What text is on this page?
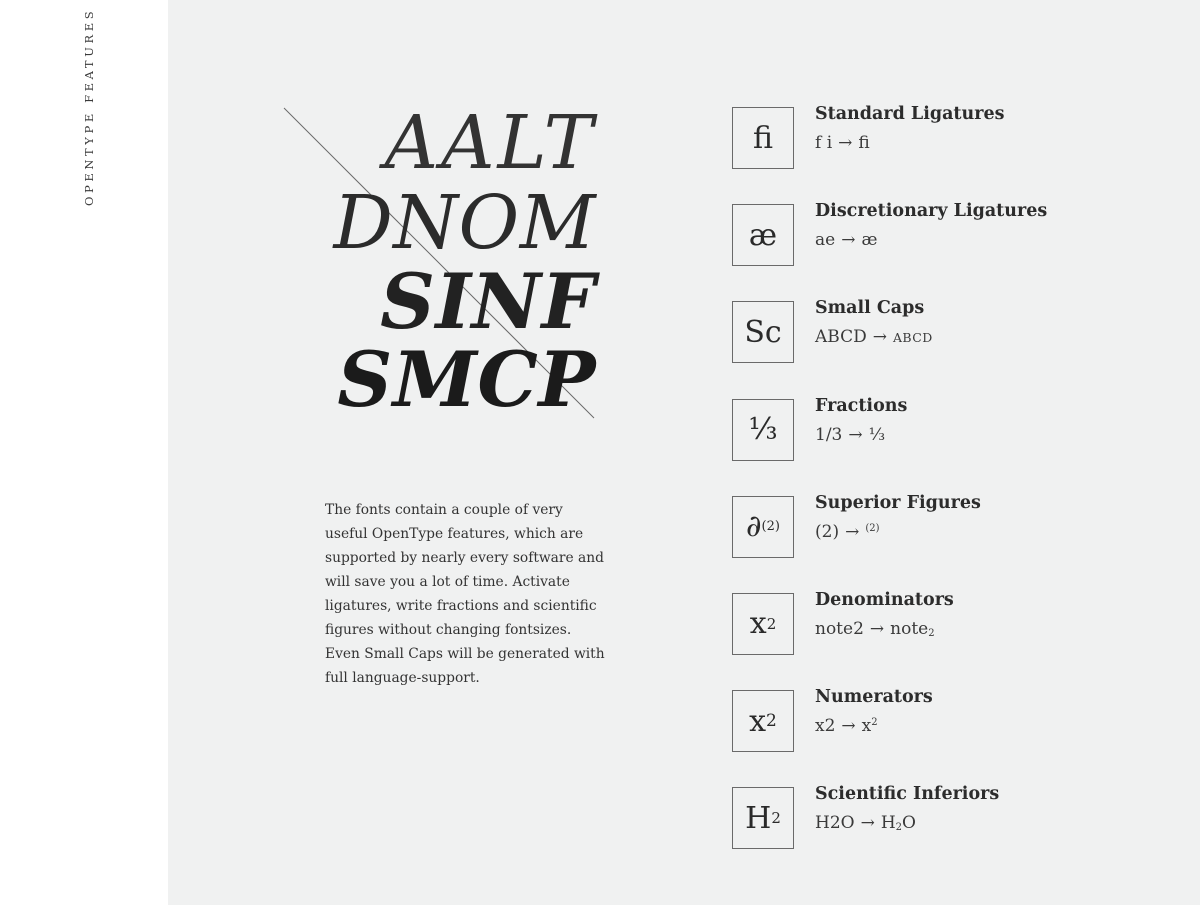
OPENTYPE FEATURES	AALT
DNOM
SINF
SMCP
The fonts contain a couple of very useful OpenType features, which are supported by nearly every software and will save you a lot of time. Activate ligatures, write fractions and scientific figures without changing fontsizes. Even Small Caps will be generated with full language-support.
ﬁ
Standard Ligatures
f i → ﬁ
æ
Discretionary Ligatures
ae → æ
Sc
Small Caps
ABCD → ABCD
⅓
Fractions
1/3 → ⅓
∂ (2)
Superior Figures
(2) → $^{(2)}$
x 2
Denominators
note2 → note2
x 2
Numerators
$x2 \to x^2$
H 2
Scientific Inferiors
H2O → H2O
